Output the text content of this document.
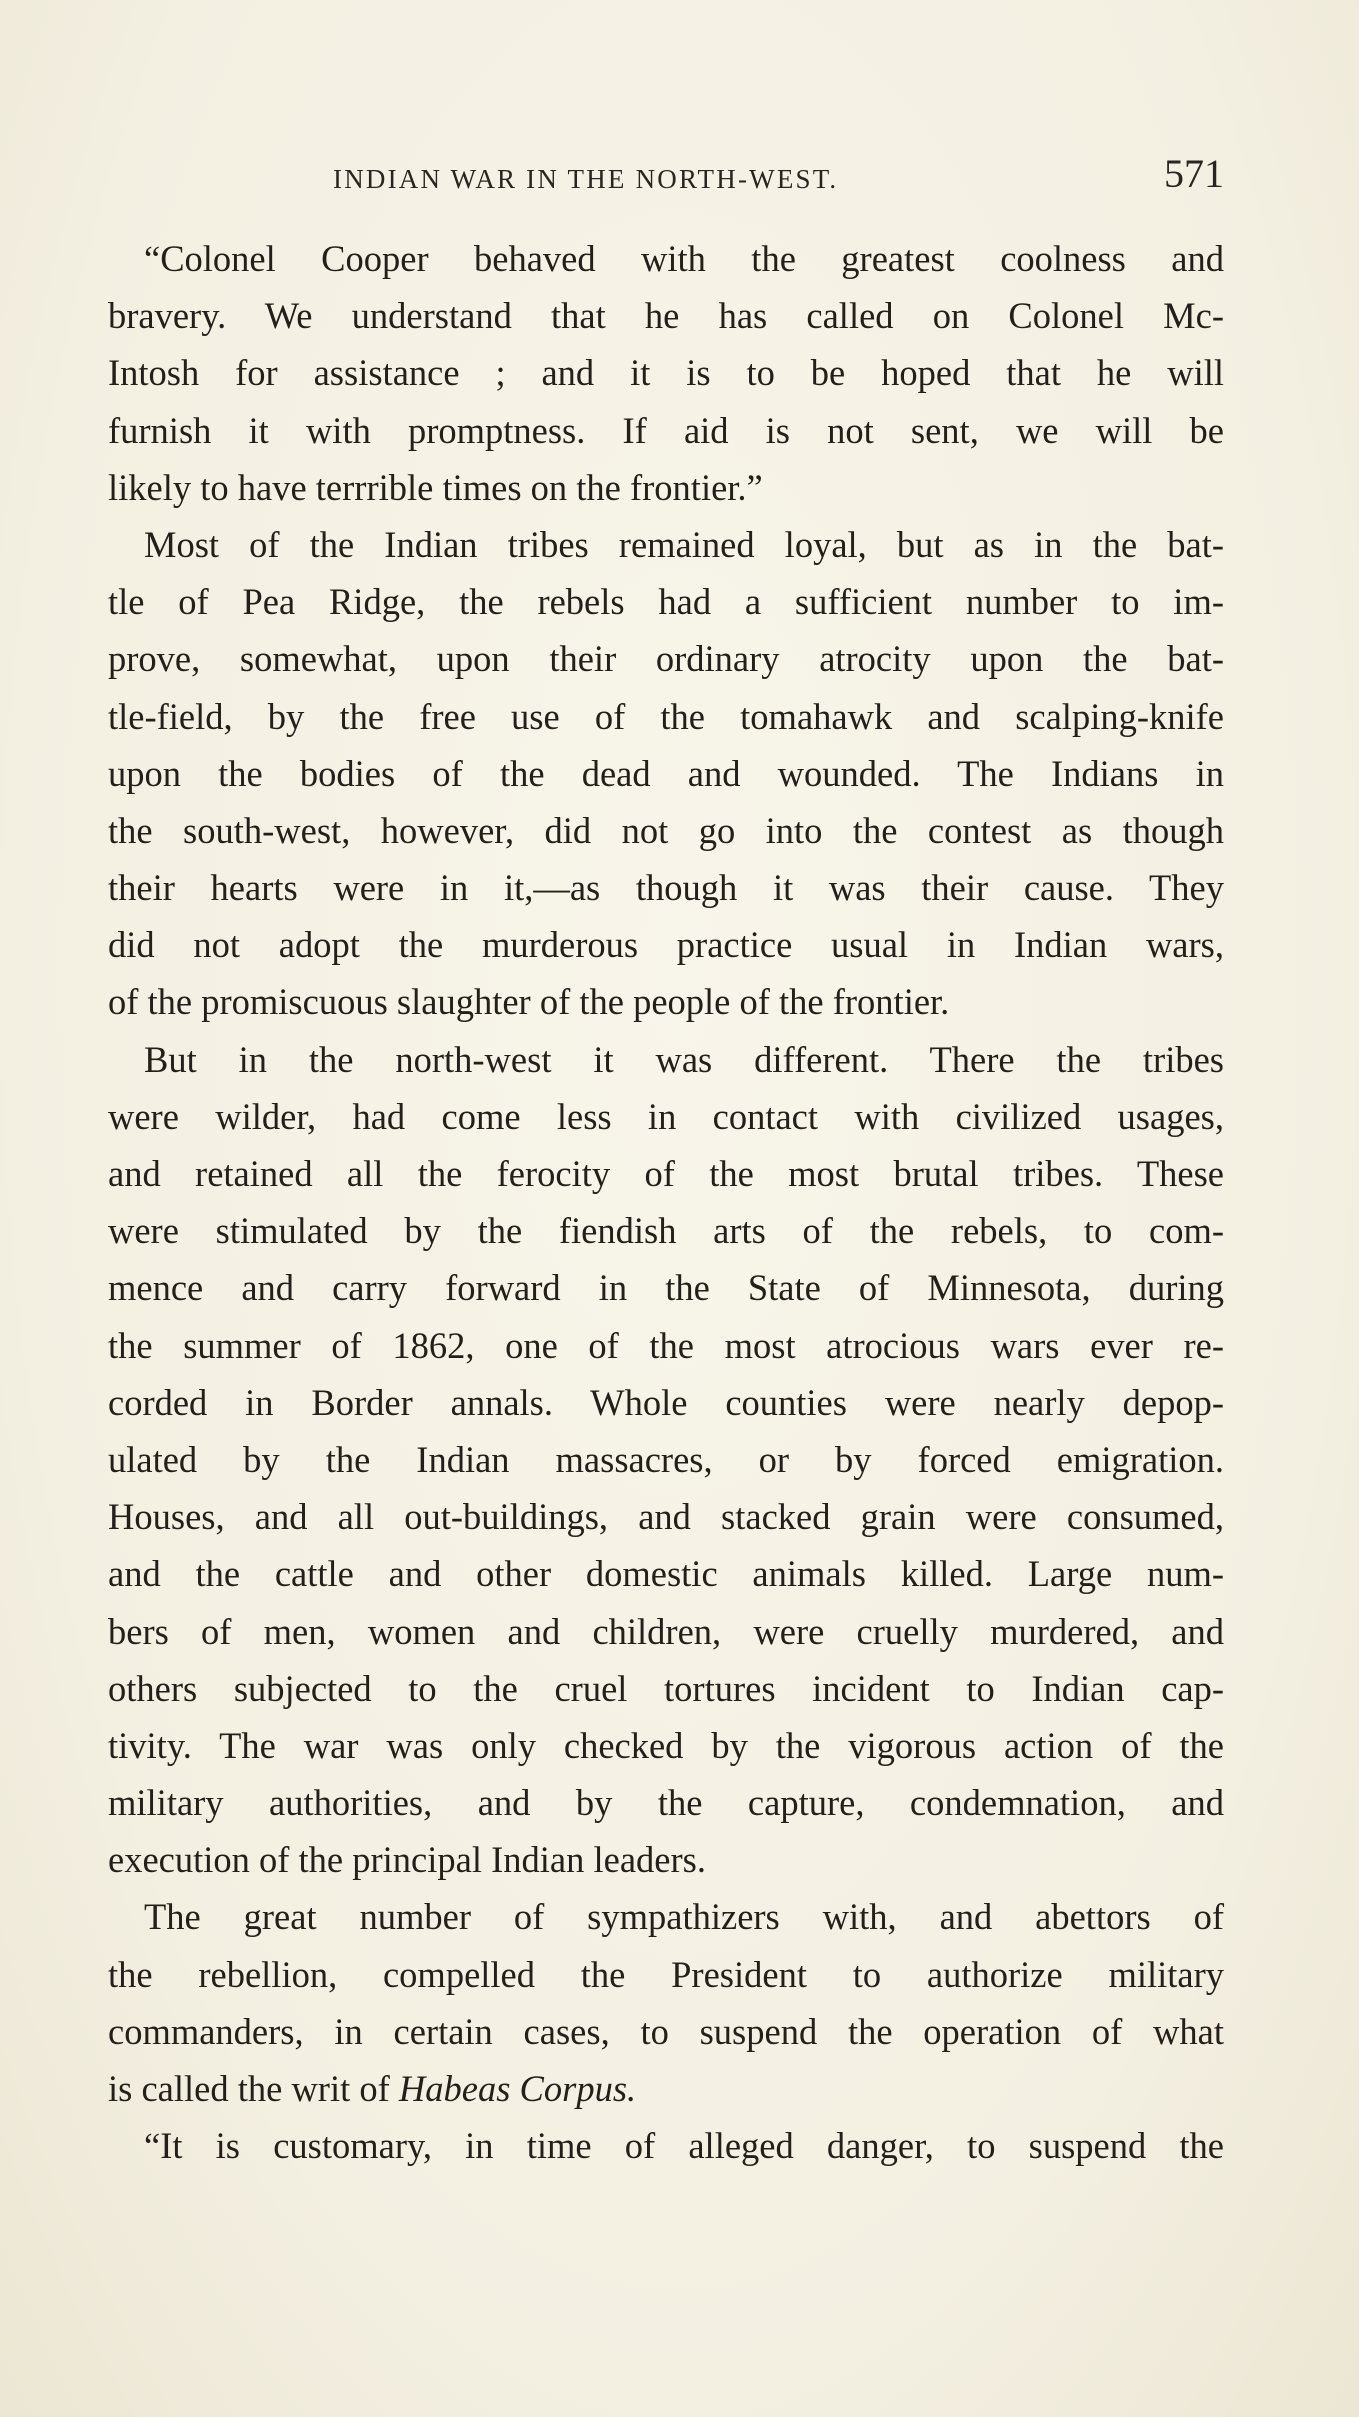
INDIAN WAR IN THE NORTH-WEST.	571
“Colonel Cooper behaved with the greatest coolness and
bravery. We understand that he has called on Colonel Mc-
Intosh for assistance ; and it is to be hoped that he will
furnish it with promptness. If aid is not sent, we will be
likely to have terrrible times on the frontier.”
Most of the Indian tribes remained loyal, but as in the bat-
tle of Pea Ridge, the rebels had a sufficient number to im-
prove, somewhat, upon their ordinary atrocity upon the bat-
tle-field, by the free use of the tomahawk and scalping-knife
upon the bodies of the dead and wounded. The Indians in
the south-west, however, did not go into the contest as though
their hearts were in it,—as though it was their cause. They
did not adopt the murderous practice usual in Indian wars,
of the promiscuous slaughter of the people of the frontier.
But in the north-west it was different. There the tribes
were wilder, had come less in contact with civilized usages,
and retained all the ferocity of the most brutal tribes. These
were stimulated by the fiendish arts of the rebels, to com-
mence and carry forward in the State of Minnesota, during
the summer of 1862, one of the most atrocious wars ever re-
corded in Border annals. Whole counties were nearly depop-
ulated by the Indian massacres, or by forced emigration.
Houses, and all out-buildings, and stacked grain were consumed,
and the cattle and other domestic animals killed. Large num-
bers of men, women and children, were cruelly murdered, and
others subjected to the cruel tortures incident to Indian cap-
tivity. The war was only checked by the vigorous action of the
military authorities, and by the capture, condemnation, and
execution of the principal Indian leaders.
The great number of sympathizers with, and abettors of
the rebellion, compelled the President to authorize military
commanders, in certain cases, to suspend the operation of what
is called the writ of Habeas Corpus.
“It is customary, in time of alleged danger, to suspend the
